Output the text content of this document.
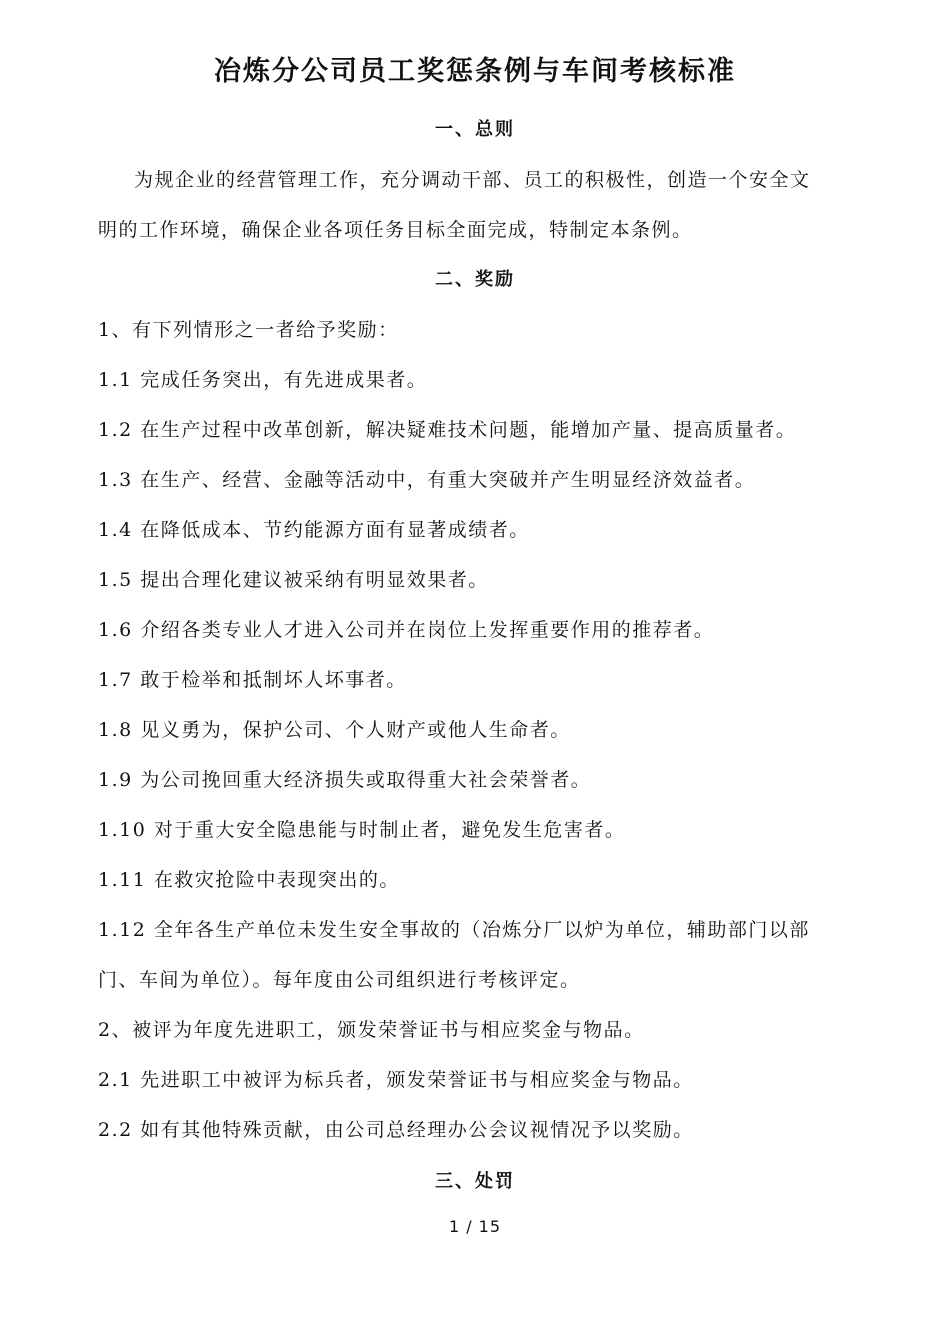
冶炼分公司员工奖惩条例与车间考核标准
一、总则
为规企业的经营管理工作，充分调动干部、员工的积极性，创造一个安全文
明的工作环境，确保企业各项任务目标全面完成，特制定本条例。
二、奖励
1、有下列情形之一者给予奖励：
1.1 完成任务突出，有先进成果者。
1.2 在生产过程中改革创新，解决疑难技术问题，能增加产量、提高质量者。
1.3 在生产、经营、金融等活动中，有重大突破并产生明显经济效益者。
1.4 在降低成本、节约能源方面有显著成绩者。
1.5 提出合理化建议被采纳有明显效果者。
1.6 介绍各类专业人才进入公司并在岗位上发挥重要作用的推荐者。
1.7 敢于检举和抵制坏人坏事者。
1.8 见义勇为，保护公司、个人财产或他人生命者。
1.9 为公司挽回重大经济损失或取得重大社会荣誉者。
1.10 对于重大安全隐患能与时制止者，避免发生危害者。
1.11 在救灾抢险中表现突出的。
1.12 全年各生产单位未发生安全事故的（冶炼分厂以炉为单位，辅助部门以部
门、车间为单位）。每年度由公司组织进行考核评定。
2、被评为年度先进职工，颁发荣誉证书与相应奖金与物品。
2.1 先进职工中被评为标兵者，颁发荣誉证书与相应奖金与物品。
2.2 如有其他特殊贡献，由公司总经理办公会议视情况予以奖励。
三、处罚
1 / 15
